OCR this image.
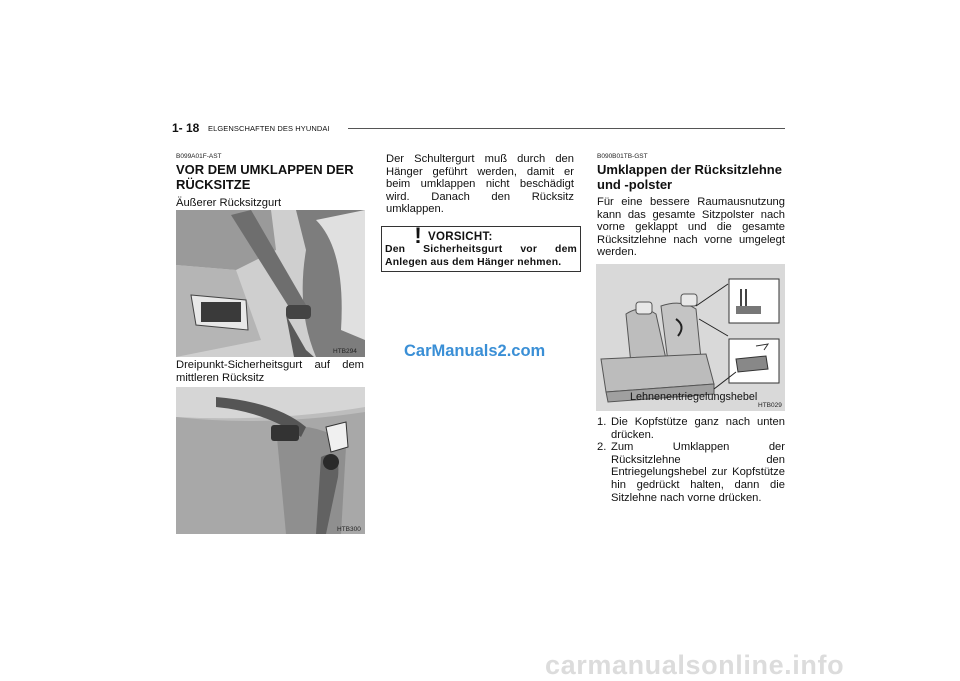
1- 18 ELGENSCHAFTEN DES HYUNDAI
B099A01F-AST
VOR DEM UMKLAPPEN DER RÜCKSITZE
Äußerer Rücksitzgurt
HTB294
Dreipunkt-Sicherheitsgurt auf dem mittleren Rücksitz
HTB300
Der Schultergurt muß durch den Hänger geführt werden, damit er beim umklappen nicht beschädigt wird. Danach den Rücksitz umklappen.
! VORSICHT:
Den Sicherheitsgurt vor dem Anlegen aus dem Hänger nehmen.
CarManuals2.com
B090B01TB-GST
Umklappen der Rücksitzlehne und -polster
Für eine bessere Raumausnutzung kann das gesamte Sitzpolster nach vorne geklappt und die gesamte Rücksitzlehne nach vorne umgelegt werden.
Lehnenentriegelungshebel
HTB029
1. Die Kopfstütze ganz nach unten drücken.
2. Zum Umklappen der Rücksitzlehne den Entriegelungshebel zur Kopfstütze hin gedrückt halten, dann die Sitzlehne nach vorne drücken.
carmanualsonline.info
